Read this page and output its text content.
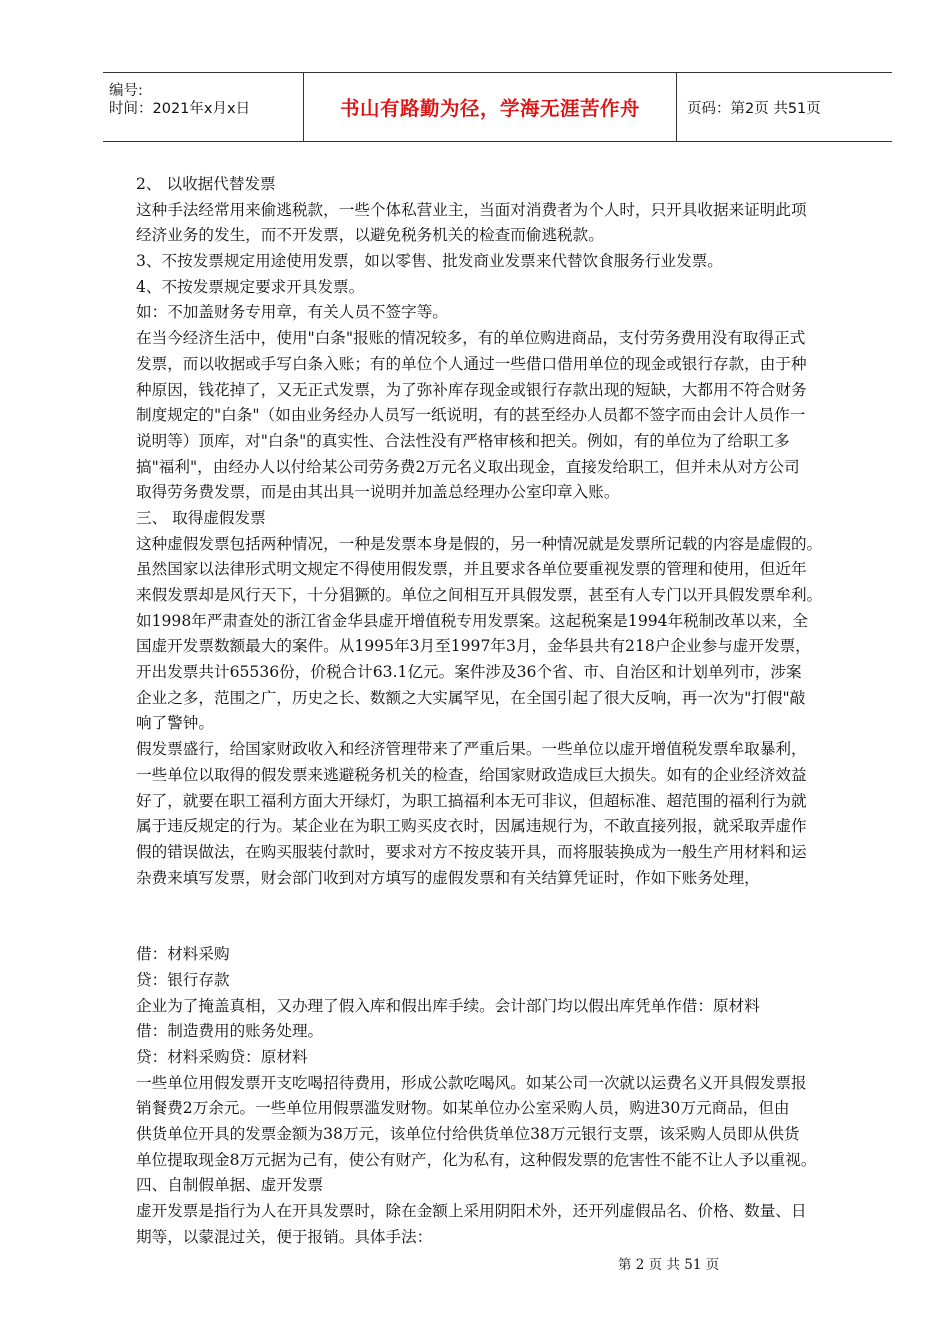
编号:
时间：2021年x月x日	书山有路勤为径，学海无涯苦作舟	页码：第2页 共51页
2、 以收据代替发票
这种手法经常用来偷逃税款，一些个体私营业主，当面对消费者为个人时，只开具收据来证明此项
经济业务的发生，而不开发票，以避免税务机关的检查而偷逃税款。
3、不按发票规定用途使用发票，如以零售、批发商业发票来代替饮食服务行业发票。
4、不按发票规定要求开具发票。
如：不加盖财务专用章，有关人员不签字等。
在当今经济生活中，使用"白条"报账的情况较多，有的单位购进商品，支付劳务费用没有取得正式
发票，而以收据或手写白条入账；有的单位个人通过一些借口借用单位的现金或银行存款，由于种
种原因，钱花掉了，又无正式发票，为了弥补库存现金或银行存款出现的短缺，大都用不符合财务
制度规定的"白条"（如由业务经办人员写一纸说明，有的甚至经办人员都不签字而由会计人员作一
说明等）顶库，对"白条"的真实性、合法性没有严格审核和把关。例如，有的单位为了给职工多
搞"福利"，由经办人以付给某公司劳务费2万元名义取出现金，直接发给职工，但并未从对方公司
取得劳务费发票，而是由其出具一说明并加盖总经理办公室印章入账。
三、 取得虚假发票
这种虚假发票包括两种情况，一种是发票本身是假的，另一种情况就是发票所记载的内容是虚假的。
虽然国家以法律形式明文规定不得使用假发票，并且要求各单位要重视发票的管理和使用，但近年
来假发票却是风行天下，十分猖獗的。单位之间相互开具假发票，甚至有人专门以开具假发票牟利。
如1998年严肃查处的浙江省金华县虚开增值税专用发票案。这起税案是1994年税制改革以来，全
国虚开发票数额最大的案件。从1995年3月至1997年3月，金华县共有218户企业参与虚开发票，
开出发票共计65536份，价税合计63.1亿元。案件涉及36个省、市、自治区和计划单列市，涉案
企业之多，范围之广，历史之长、数额之大实属罕见，在全国引起了很大反响，再一次为"打假"敲
响了警钟。
假发票盛行，给国家财政收入和经济管理带来了严重后果。一些单位以虚开增值税发票牟取暴利，
一些单位以取得的假发票来逃避税务机关的检查，给国家财政造成巨大损失。如有的企业经济效益
好了，就要在职工福利方面大开绿灯，为职工搞福利本无可非议，但超标准、超范围的福利行为就
属于违反规定的行为。某企业在为职工购买皮衣时，因属违规行为，不敢直接列报，就采取弄虚作
假的错误做法，在购买服装付款时，要求对方不按皮装开具，而将服装换成为一般生产用材料和运
杂费来填写发票，财会部门收到对方填写的虚假发票和有关结算凭证时，作如下账务处理，
借：材料采购
贷：银行存款
企业为了掩盖真相，又办理了假入库和假出库手续。会计部门均以假出库凭单作借：原材料
借：制造费用的账务处理。
贷：材料采购贷：原材料
一些单位用假发票开支吃喝招待费用，形成公款吃喝风。如某公司一次就以运费名义开具假发票报
销餐费2万余元。一些单位用假票滥发财物。如某单位办公室采购人员，购进30万元商品，但由
供货单位开具的发票金额为38万元，该单位付给供货单位38万元银行支票，该采购人员即从供货
单位提取现金8万元据为己有，使公有财产，化为私有，这种假发票的危害性不能不让人予以重视。
四、自制假单据、虚开发票
虚开发票是指行为人在开具发票时，除在金额上采用阴阳术外，还开列虚假品名、价格、数量、日
期等，以蒙混过关，便于报销。具体手法：
第 2 页 共 51 页
